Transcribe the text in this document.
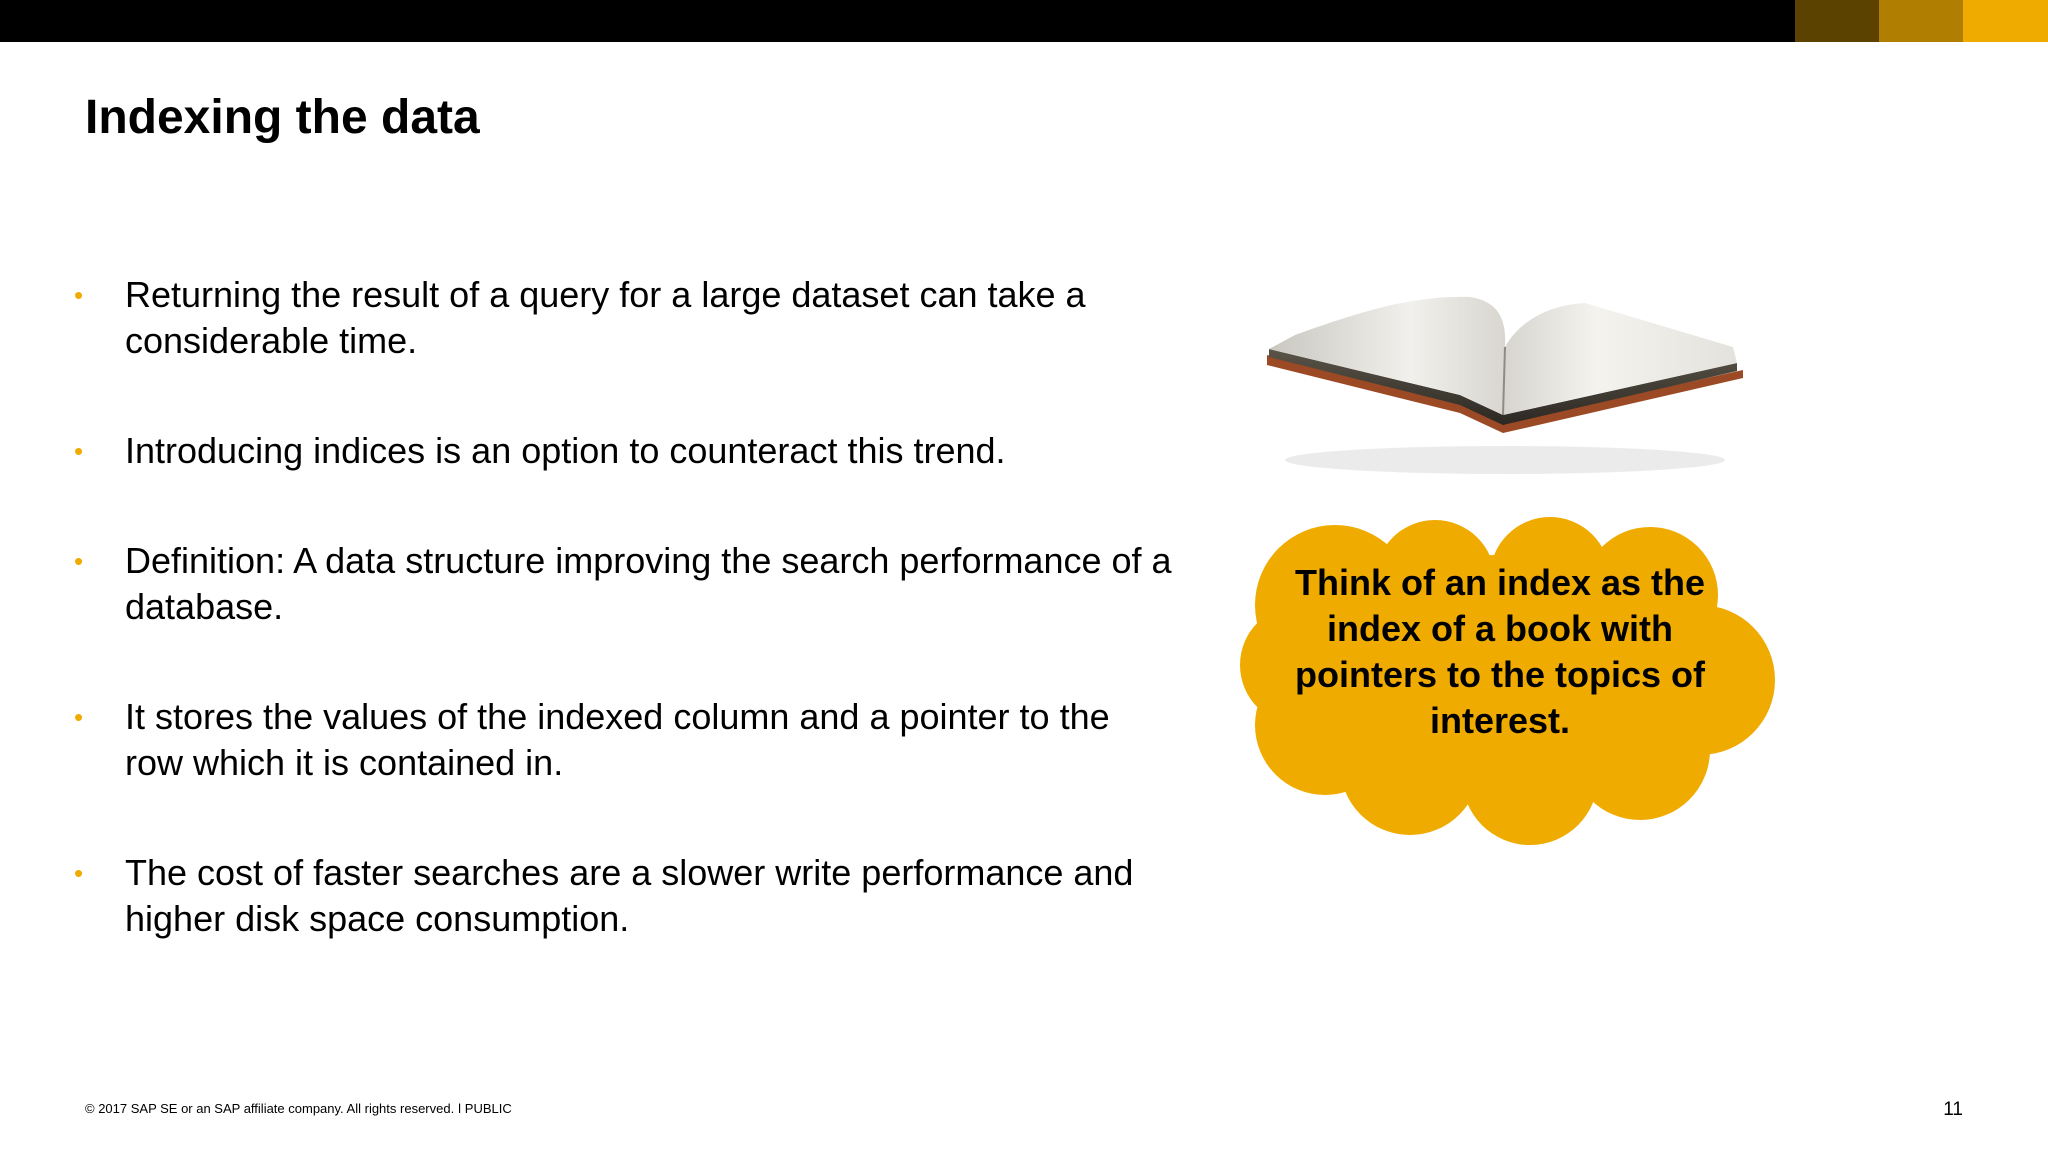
Indexing the data
• Returning the result of a query for a large dataset can take a considerable time.
• Introducing indices is an option to counteract this trend.
• Definition: A data structure improving the search performance of a database.
• It stores the values of the indexed column and a pointer to the row which it is contained in.
• The cost of faster searches are a slower write performance and higher disk space consumption.
Think of an index as the index of a book with pointers to the topics of interest.
© 2017 SAP SE or an SAP affiliate company. All rights reserved. ǀ PUBLIC	11
